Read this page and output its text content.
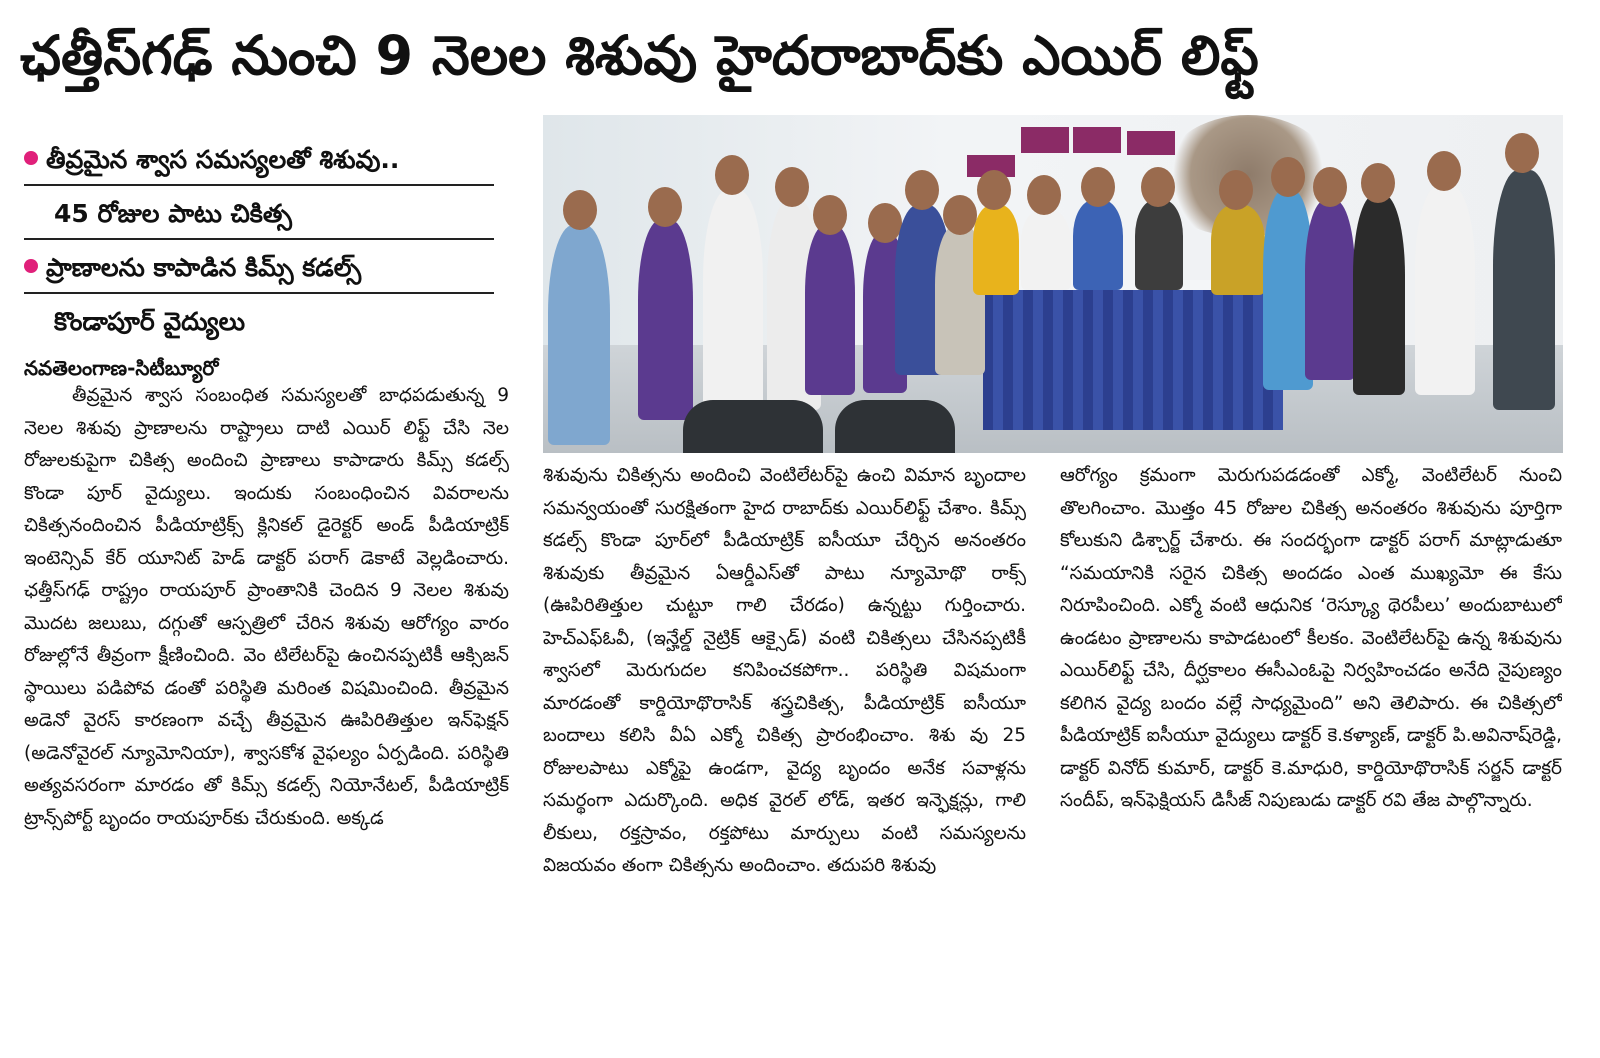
ఛత్తీస్‌గఢ్ నుంచి 9 నెలల శిశువు హైదరాబాద్‌కు ఎయిర్ లిఫ్ట్
తీవ్రమైన శ్వాస సమస్యలతో శిశువు..
45 రోజుల పాటు చికిత్స
ప్రాణాలను కాపాడిన కిమ్స్ కడల్స్
కొండాపూర్ వైద్యులు
నవతెలంగాణ-సిటీబ్యూరో
తీవ్రమైన శ్వాస సంబంధిత సమస్యలతో బాధపడుతున్న 9 నెలల శిశువు ప్రాణాలను రాష్ట్రాలు దాటి ఎయిర్ లిఫ్ట్ చేసి నెల రోజులకుపైగా చికిత్స అందించి ప్రాణాలు కాపాడారు కిమ్స్ కడల్స్ కొండా పూర్ వైద్యులు. ఇందుకు సంబంధించిన వివరాలను చికిత్సనందించిన పీడియాట్రిక్స్ క్లినికల్ డైరెక్టర్ అండ్ పీడియాట్రిక్ ఇంటెన్సివ్ కేర్ యూనిట్ హెడ్ డాక్టర్ పరాగ్ డెకాటే వెల్లడించారు. ఛత్తీస్‌గఢ్ రాష్ట్రం రాయపూర్ ప్రాంతానికి చెందిన 9 నెలల శిశువు మొదట జలుబు, దగ్గుతో ఆస్పత్రిలో చేరిన శిశువు ఆరోగ్యం వారం రోజుల్లోనే తీవ్రంగా క్షీణించింది. వెం టిలేటర్‌పై ఉంచినప్పటికీ ఆక్సిజన్ స్థాయిలు పడిపోవ డంతో పరిస్థితి మరింత విషమించింది. తీవ్రమైన అడెనో వైరస్ కారణంగా వచ్చే తీవ్రమైన ఊపిరితిత్తుల ఇన్‌ఫెక్షన్ (అడెనోవైరల్ న్యూమోనియా), శ్వాసకోశ వైఫల్యం ఏర్పడింది. పరిస్థితి అత్యవసరంగా మారడం తో కిమ్స్ కడల్స్ నియోనేటల్, పీడియాట్రిక్ ట్రాన్స్‌పోర్ట్ బృందం రాయపూర్‌కు చేరుకుంది. అక్కడ
శిశువును చికిత్సను అందించి వెంటిలేటర్‌పై ఉంచి విమాన బృందాల సమన్వయంతో సురక్షితంగా హైద రాబాద్‌కు ఎయిర్‌లిఫ్ట్ చేశాం. కిమ్స్ కడల్స్ కొండా పూర్‌లో పీడియాట్రిక్ ఐసీయూ చేర్చిన అనంతరం శిశువుకు తీవ్రమైన ఏఆర్డీఎస్‌తో పాటు న్యూమోథొ రాక్స్ (ఊపిరితిత్తుల చుట్టూ గాలి చేరడం) ఉన్నట్టు గుర్తించారు. హెచ్ఎఫ్ఓవీ, (ఇన్హేల్డ్ నైట్రిక్ ఆక్సైడ్) వంటి చికిత్సలు చేసినప్పటికీ శ్వాసలో మెరుగుదల కనిపించకపోగా.. పరిస్థితి విషమంగా మారడంతో కార్డియోథొరాసిక్ శస్త్రచికిత్స, పీడియాట్రిక్ ఐసీయూ బందాలు కలిసి వీఏ ఎక్మో చికిత్స ప్రారంభించాం. శిశు వు 25 రోజులపాటు ఎక్మోపై ఉండగా, వైద్య బృందం అనేక సవాళ్లను సమర్థంగా ఎదుర్కొంది. అధిక వైరల్ లోడ్, ఇతర ఇన్ఫెక్షన్లు, గాలి లీకులు, రక్తస్రావం, రక్తపోటు మార్పులు వంటి సమస్యలను విజయవం తంగా చికిత్సను అందించాం. తదుపరి శిశువు
ఆరోగ్యం క్రమంగా మెరుగుపడడంతో ఎక్మో, వెంటిలేటర్ నుంచి తొలగించాం. మొత్తం 45 రోజుల చికిత్స అనంతరం శిశువును పూర్తిగా కోలుకుని డిశ్చార్జ్ చేశారు. ఈ సందర్భంగా డాక్టర్ పరాగ్ మాట్లాడుతూ “సమయానికి సరైన చికిత్స అందడం ఎంత ముఖ్యమో ఈ కేసు నిరూపించింది. ఎక్మో వంటి ఆధునిక ‘రెస్క్యూ థెరపీలు’ అందుబాటులో ఉండటం ప్రాణాలను కాపాడటంలో కీలకం. వెంటిలేటర్‌పై ఉన్న శిశువును ఎయిర్‌లిఫ్ట్ చేసి, దీర్ఘకాలం ఈసీఎంఓపై నిర్వహించడం అనేది నైపుణ్యం కలిగిన వైద్య బందం వల్లే సాధ్యమైంది” అని తెలిపారు. ఈ చికిత్సలో పీడియాట్రిక్ ఐసీయూ వైద్యులు డాక్టర్ కె.కళ్యాణ్, డాక్టర్ పి.అవినాష్‌రెడ్డి, డాక్టర్ వినోద్ కుమార్, డాక్టర్ కె.మాధురి, కార్డియోథొరాసిక్ సర్జన్ డాక్టర్ సందీప్, ఇన్‌ఫెక్షియస్ డిసీజ్ నిపుణుడు డాక్టర్ రవి తేజ పాల్గొన్నారు.
